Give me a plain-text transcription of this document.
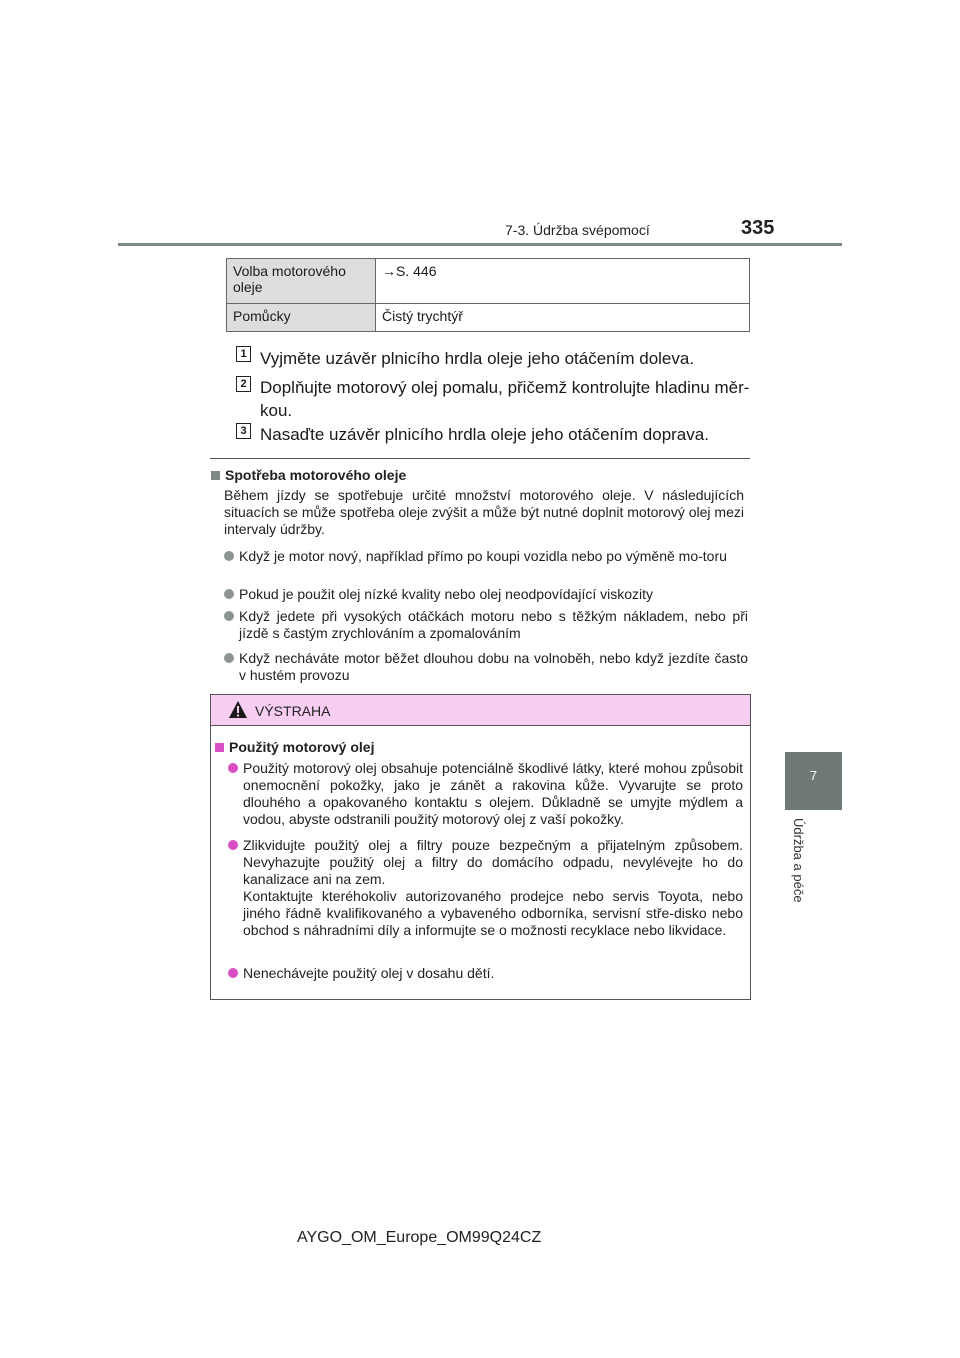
7-3. Údržba svépomocí	335
7
Údržba a péče
Volba motorového oleje	→S. 446
Pomůcky	Čistý trychtýř
1 Vyjměte uzávěr plnicího hrdla oleje jeho otáčením doleva.
2 Doplňujte motorový olej pomalu, přičemž kontrolujte hladinu měr-kou.
3 Nasaďte uzávěr plnicího hrdla oleje jeho otáčením doprava.
Spotřeba motorového oleje
Během jízdy se spotřebuje určité množství motorového oleje. V následujících situacích se může spotřeba oleje zvýšit a může být nutné doplnit motorový olej mezi intervaly údržby.
Když je motor nový, například přímo po koupi vozidla nebo po výměně mo-toru
Pokud je použit olej nízké kvality nebo olej neodpovídající viskozity
Když jedete při vysokých otáčkách motoru nebo s těžkým nákladem, nebo při jízdě s častým zrychlováním a zpomalováním
Když necháváte motor běžet dlouhou dobu na volnoběh, nebo když jezdíte často v hustém provozu
VÝSTRAHA
Použitý motorový olej
Použitý motorový olej obsahuje potenciálně škodlivé látky, které mohou způsobit onemocnění pokožky, jako je zánět a rakovina kůže. Vyvarujte se proto dlouhého a opakovaného kontaktu s olejem. Důkladně se umyjte mýdlem a vodou, abyste odstranili použitý motorový olej z vaší pokožky.
Zlikvidujte použitý olej a filtry pouze bezpečným a přijatelným způsobem. Nevyhazujte použitý olej a filtry do domácího odpadu, nevylévejte ho do kanalizace ani na zem.
Kontaktujte kteréhokoliv autorizovaného prodejce nebo servis Toyota, nebo jiného řádně kvalifikovaného a vybaveného odborníka, servisní stře-disko nebo obchod s náhradními díly a informujte se o možnosti recyklace nebo likvidace.
Nenechávejte použitý olej v dosahu dětí.
AYGO_OM_Europe_OM99Q24CZ
